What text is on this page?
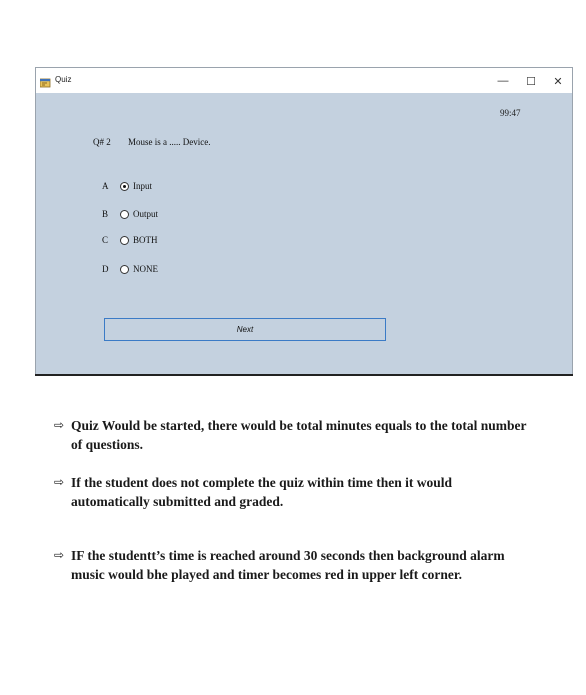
Quiz	—	☐	✕
99:47
Q# 2 Mouse is a ..... Device.
A	Input
B	Output
C	BOTH
D	NONE
Next
⇨ Quiz Would be started, there would be total minutes equals to the total number of questions.
⇨ If the student does not complete the quiz within time then it would automatically submitted and graded.
⇨ IF the studentt’s time is reached around 30 seconds then background alarm music would bhe played and timer becomes red in upper left corner.
